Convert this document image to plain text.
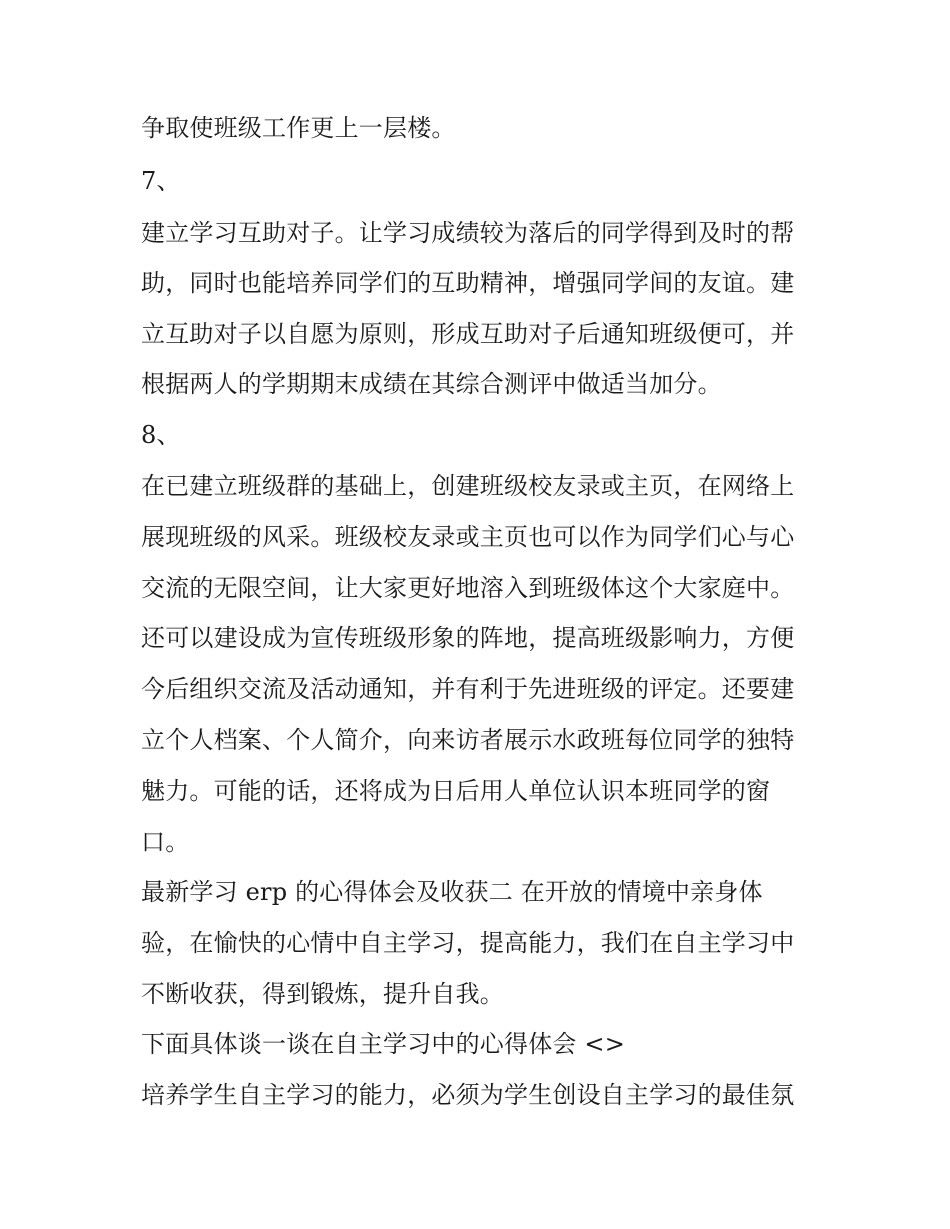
争取使班级工作更上一层楼。

7、

建立学习互助对子。让学习成绩较为落后的同学得到及时的帮

助，同时也能培养同学们的互助精神，增强同学间的友谊。建

立互助对子以自愿为原则，形成互助对子后通知班级便可，并

根据两人的学期期末成绩在其综合测评中做适当加分。

8、

在已建立班级群的基础上，创建班级校友录或主页，在网络上

展现班级的风采。班级校友录或主页也可以作为同学们心与心

交流的无限空间，让大家更好地溶入到班级体这个大家庭中。

还可以建设成为宣传班级形象的阵地，提高班级影响力，方便

今后组织交流及活动通知，并有利于先进班级的评定。还要建

立个人档案、个人简介，向来访者展示水政班每位同学的独特

魅力。可能的话，还将成为日后用人单位认识本班同学的窗

口。

最新学习 erp 的心得体会及收获二 在开放的情境中亲身体

验，在愉快的心情中自主学习，提高能力，我们在自主学习中

不断收获，得到锻炼，提升自我。

下面具体谈一谈在自主学习中的心得体会 <>

培养学生自主学习的能力，必须为学生创设自主学习的最佳氛
